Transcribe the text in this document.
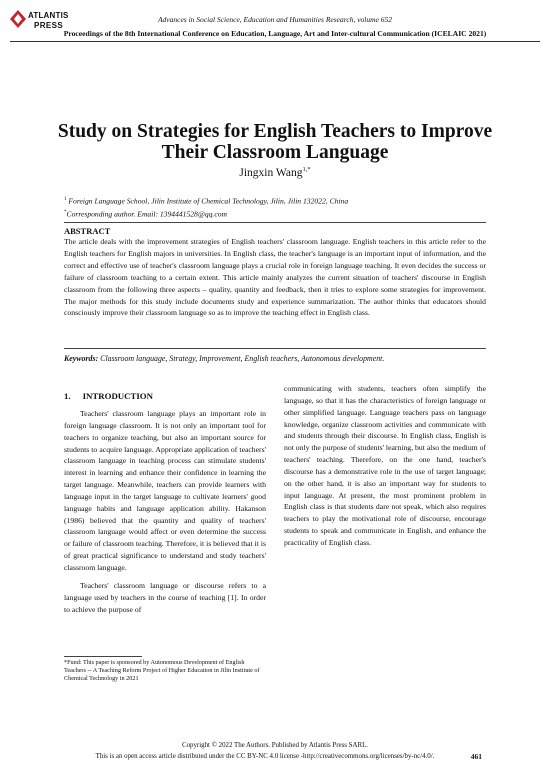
ATLANTIS
PRESS
Advances in Social Science, Education and Humanities Research, volume 652
Proceedings of the 8th International Conference on Education, Language, Art and Inter-cultural Communication (ICELAIC 2021)
Study on Strategies for English Teachers to Improve
Their Classroom Language
Jingxin Wang$^{1,*}$
$^1$ Foreign Language School, Jilin Institute of Chemical Technology, Jilin, Jilin 132022, China
*Corresponding author. Email: 1394441528@qq.com
ABSTRACT
The article deals with the improvement strategies of English teachers' classroom language. English teachers in this article refer to the English teachers for English majors in universities. In English class, the teacher's language is an important input of information, and the correct and effective use of teacher's classroom language plays a crucial role in foreign language teaching. It even decides the success or failure of classroom teaching to a certain extent. This article mainly analyzes the current situation of teachers' discourse in English classroom from the following three aspects – quality, quantity and feedback, then it tries to explore some strategies for improvement. The major methods for this study include documents study and experience summarization. The author thinks that educators should consciously improve their classroom language so as to improve the teaching effect in English class.
Keywords: Classroom language, Strategy, Improvement, English teachers, Autonomous development.
1. INTRODUCTION

Teachers' classroom language plays an important role in foreign language classroom. It is not only an important tool for teachers to organize teaching, but also an important source for students to acquire language. Appropriate application of teachers' classroom language in teaching process can stimulate students' interest in learning and enhance their confidence in learning the target language. Meanwhile, teachers can provide learners with language input in the target language to cultivate learners' good language habits and language application ability. Hakanson (1986) believed that the quantity and quality of teachers' classroom language would affect or even determine the success or failure of classroom teaching. Therefore, it is believed that it is of great practical significance to understand and study teachers' classroom language.

Teachers' classroom language or discourse refers to a language used by teachers in the course of teaching [1]. In order to achieve the purpose of

communicating with students, teachers often simplify the language, so that it has the characteristics of foreign language or other simplified language. Language teachers pass on language knowledge, organize classroom activities and communicate with and students through their discourse. In English class, English is not only the purpose of students' learning, but also the medium of teachers' teaching. Therefore, on the one hand, teacher's discourse has a demonstrative role in the use of target language; on the other hand, it is also an important way for students to input language. At present, the most prominent problem in English class is that students dare not speak, which also requires teachers to play the motivational role of discourse, encourage students to speak and communicate in English, and enhance the practicality of English class.

*Fund: This paper is sponsored by Autonomous Development of English Teachers -- A Teaching Reform Project of Higher Education in Jilin Institute of Chemical Technology in 2021
Copyright © 2022 The Authors. Published by Atlantis Press SARL.
This is an open access article distributed under the CC BY-NC 4.0 license -http://creativecommons.org/licenses/by-nc/4.0/.	461
